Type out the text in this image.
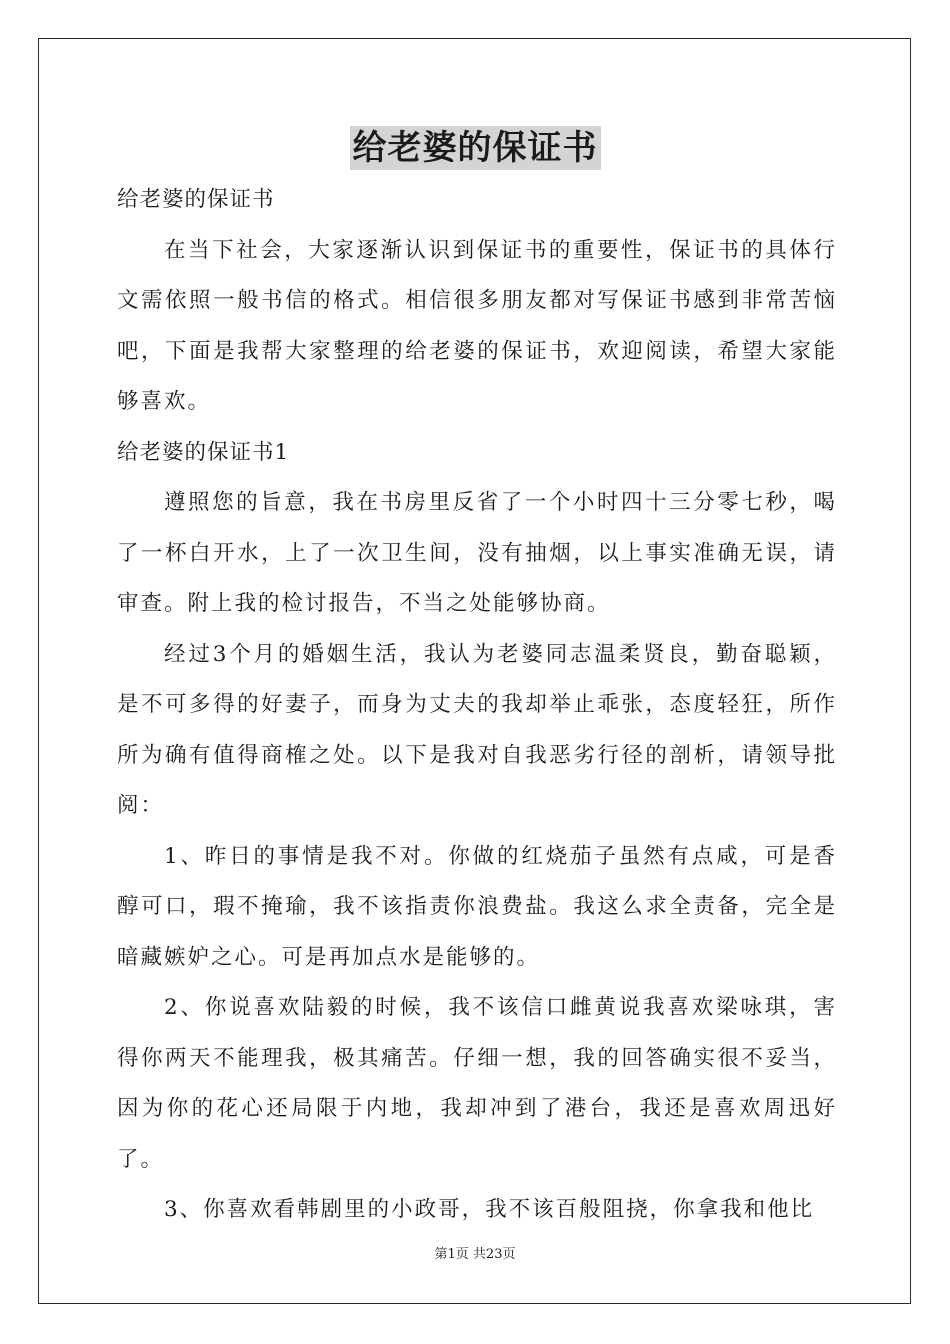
给老婆的保证书

给老婆的保证书

在当下社会，大家逐渐认识到保证书的重要性，保证书的具体行文需依照一般书信的格式。相信很多朋友都对写保证书感到非常苦恼吧，下面是我帮大家整理的给老婆的保证书，欢迎阅读，希望大家能够喜欢。

给老婆的保证书1

遵照您的旨意，我在书房里反省了一个小时四十三分零七秒，喝了一杯白开水，上了一次卫生间，没有抽烟，以上事实准确无误，请审查。附上我的检讨报告，不当之处能够协商。

经过3个月的婚姻生活，我认为老婆同志温柔贤良，勤奋聪颖，是不可多得的好妻子，而身为丈夫的我却举止乖张，态度轻狂，所作所为确有值得商榷之处。以下是我对自我恶劣行径的剖析，请领导批阅：

1、昨日的事情是我不对。你做的红烧茄子虽然有点咸，可是香醇可口，瑕不掩瑜，我不该指责你浪费盐。我这么求全责备，完全是暗藏嫉妒之心。可是再加点水是能够的。

2、你说喜欢陆毅的时候，我不该信口雌黄说我喜欢梁咏琪，害得你两天不能理我，极其痛苦。仔细一想，我的回答确实很不妥当，因为你的花心还局限于内地，我却冲到了港台，我还是喜欢周迅好了。

3、你喜欢看韩剧里的小政哥，我不该百般阻挠，你拿我和他比

第1页 共23页
